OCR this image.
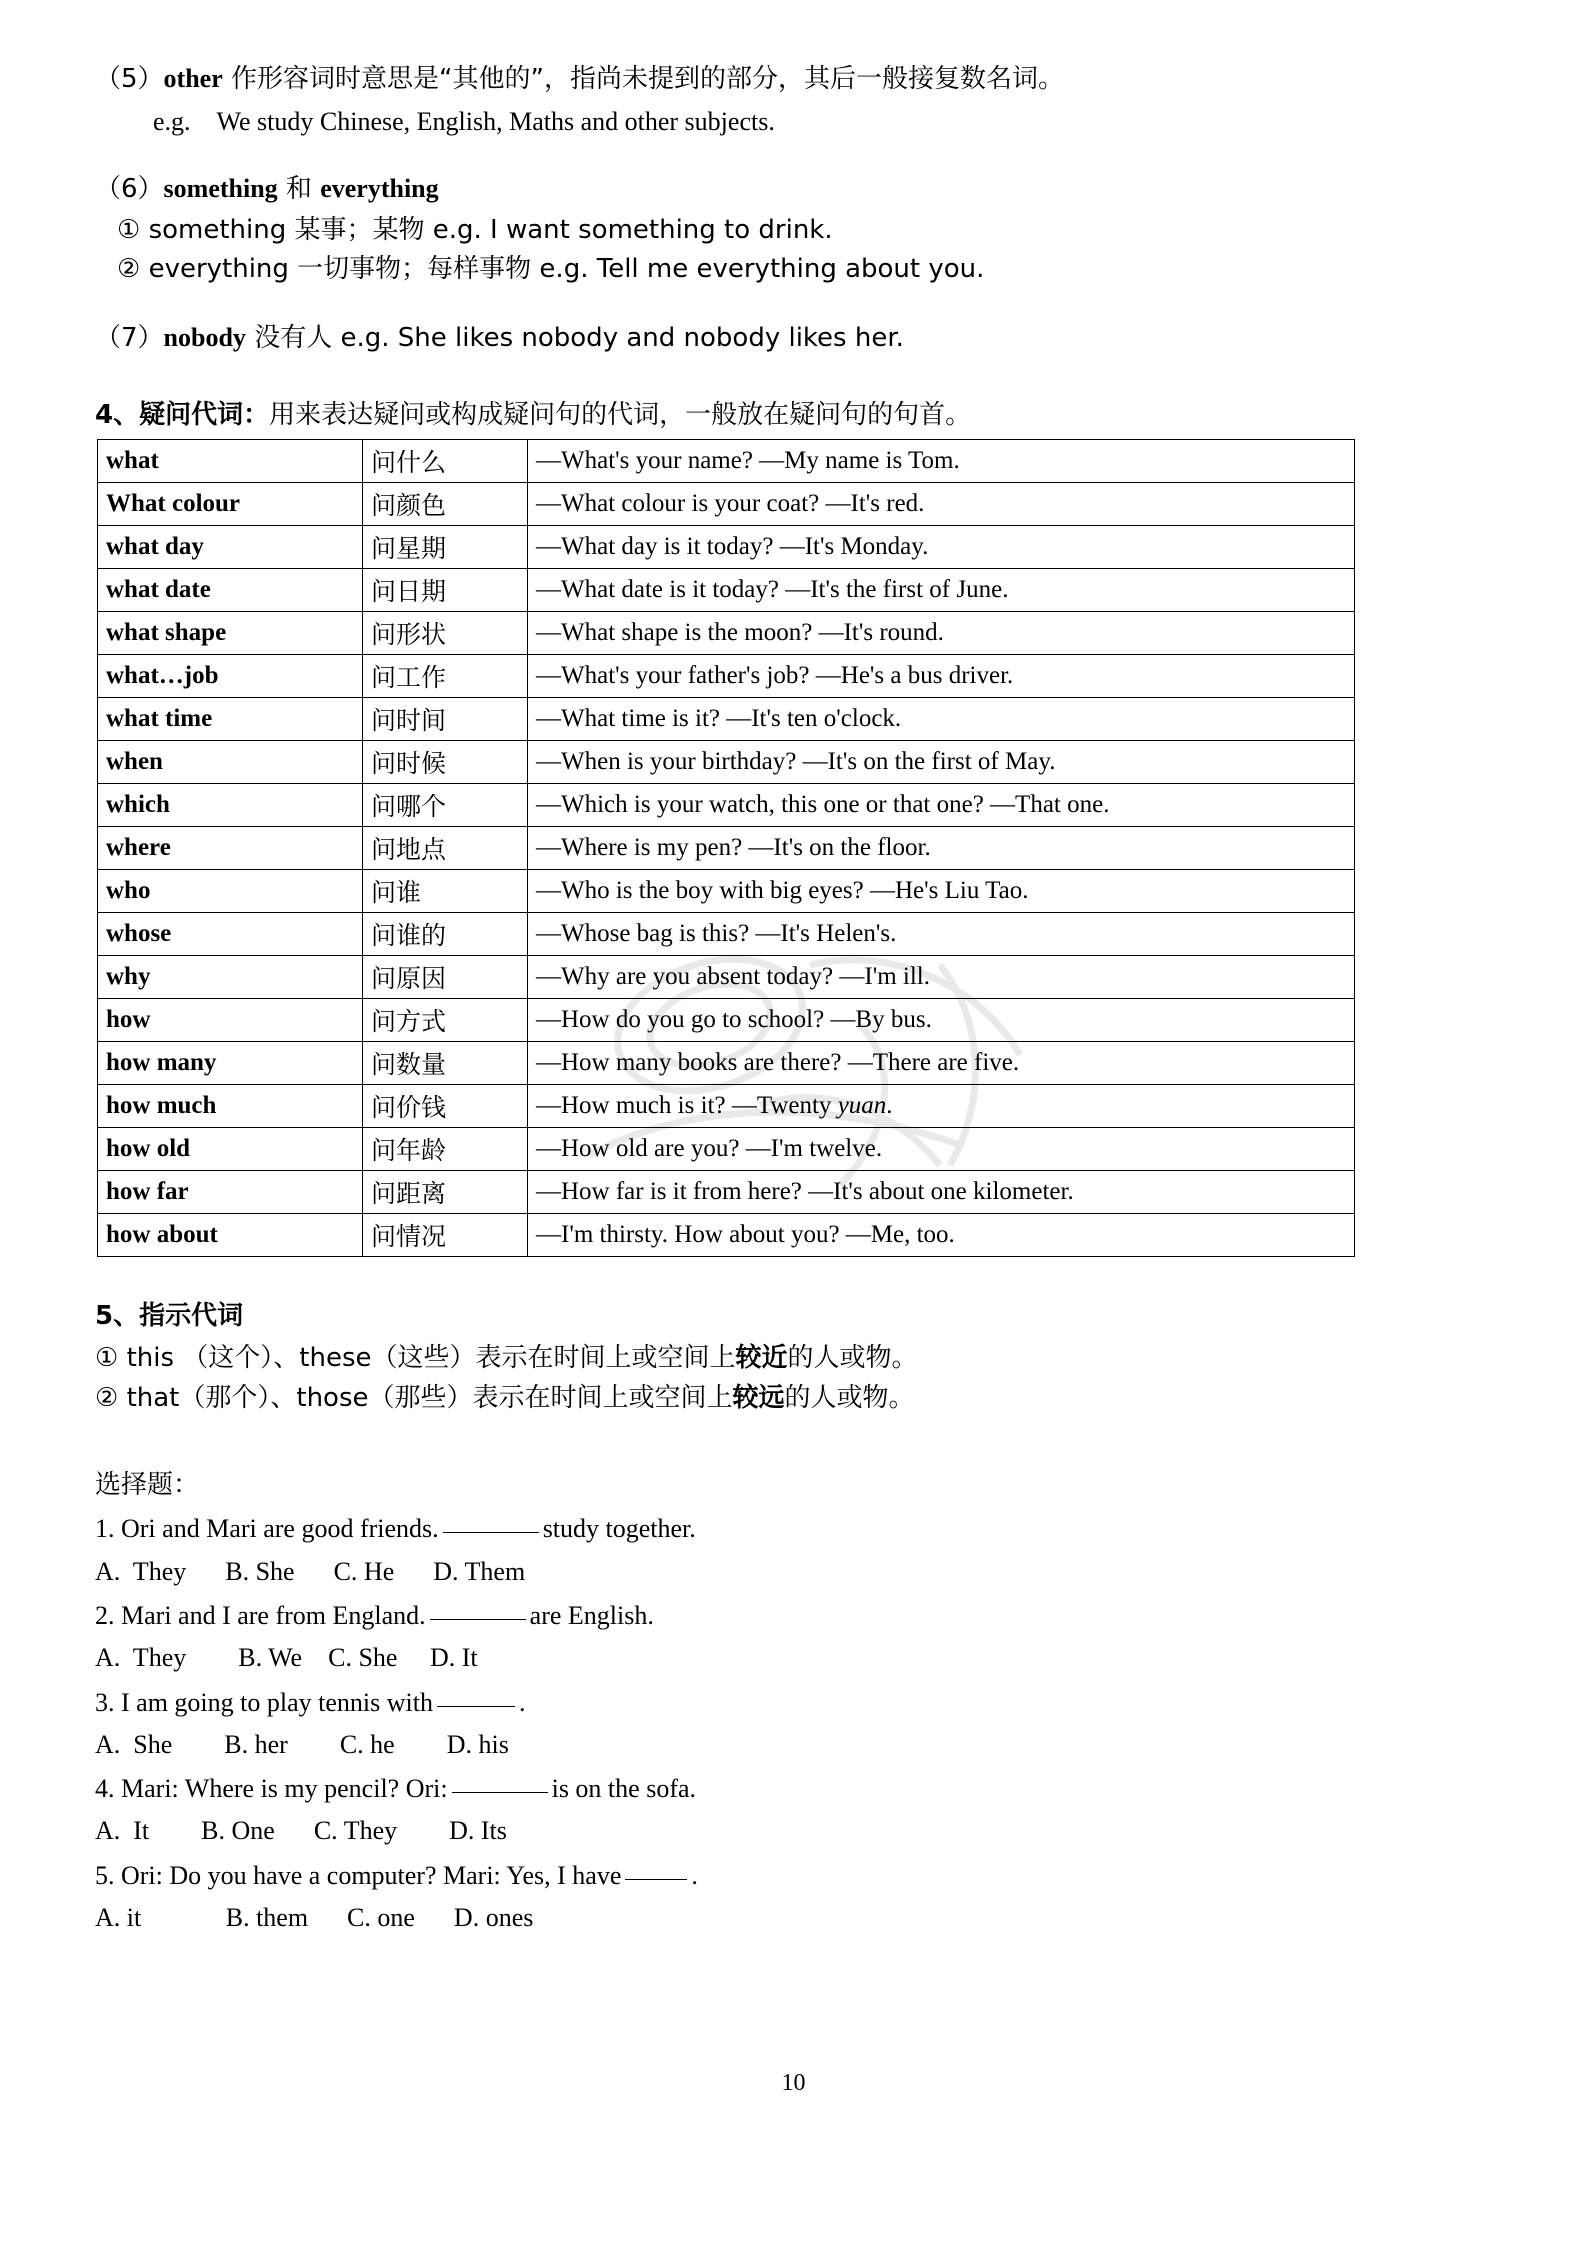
（5）other 作形容词时意思是“其他的”，指尚未提到的部分，其后一般接复数名词。
e.g. We study Chinese, English, Maths and other subjects.
（6）something 和 everything
① something 某事；某物 e.g. I want something to drink.
② everything 一切事物；每样事物 e.g. Tell me everything about you.
（7）nobody 没有人 e.g. She likes nobody and nobody likes her.
4、疑问代词：用来表达疑问或构成疑问句的代词，一般放在疑问句的句首。
what	问什么	—What's your name? —My name is Tom.
What colour	问颜色	—What colour is your coat? —It's red.
what day	问星期	—What day is it today? —It's Monday.
what date	问日期	—What date is it today? —It's the first of June.
what shape	问形状	—What shape is the moon? —It's round.
what…job	问工作	—What's your father's job? —He's a bus driver.
what time	问时间	—What time is it? —It's ten o'clock.
when	问时候	—When is your birthday? —It's on the first of May.
which	问哪个	—Which is your watch, this one or that one? —That one.
where	问地点	—Where is my pen? —It's on the floor.
who	问谁	—Who is the boy with big eyes? —He's Liu Tao.
whose	问谁的	—Whose bag is this? —It's Helen's.
why	问原因	—Why are you absent today? —I'm ill.
how	问方式	—How do you go to school? —By bus.
how many	问数量	—How many books are there? —There are five.
how much	问价钱	—How much is it? —Twenty yuan.
how old	问年龄	—How old are you? —I'm twelve.
how far	问距离	—How far is it from here? —It's about one kilometer.
how about	问情况	—I'm thirsty. How about you? —Me, too.
5、指示代词
① this （这个）、these（这些）表示在时间上或空间上较近的人或物。
② that（那个）、those（那些）表示在时间上或空间上较远的人或物。
选择题：
1. Ori and Mari are good friends.	study together.
A.  They      B. She      C. He      D. Them
2. Mari and I are from England.	are English.
A.  They        B. We    C. She     D. It
3. I am going to play tennis with	.
A.  She        B. her        C. he        D. his
4. Mari: Where is my pencil? Ori:	is on the sofa.
A.  It        B. One      C. They        D. Its
5. Ori: Do you have a computer? Mari: Yes, I have	.
A. it             B. them      C. one      D. ones
10
